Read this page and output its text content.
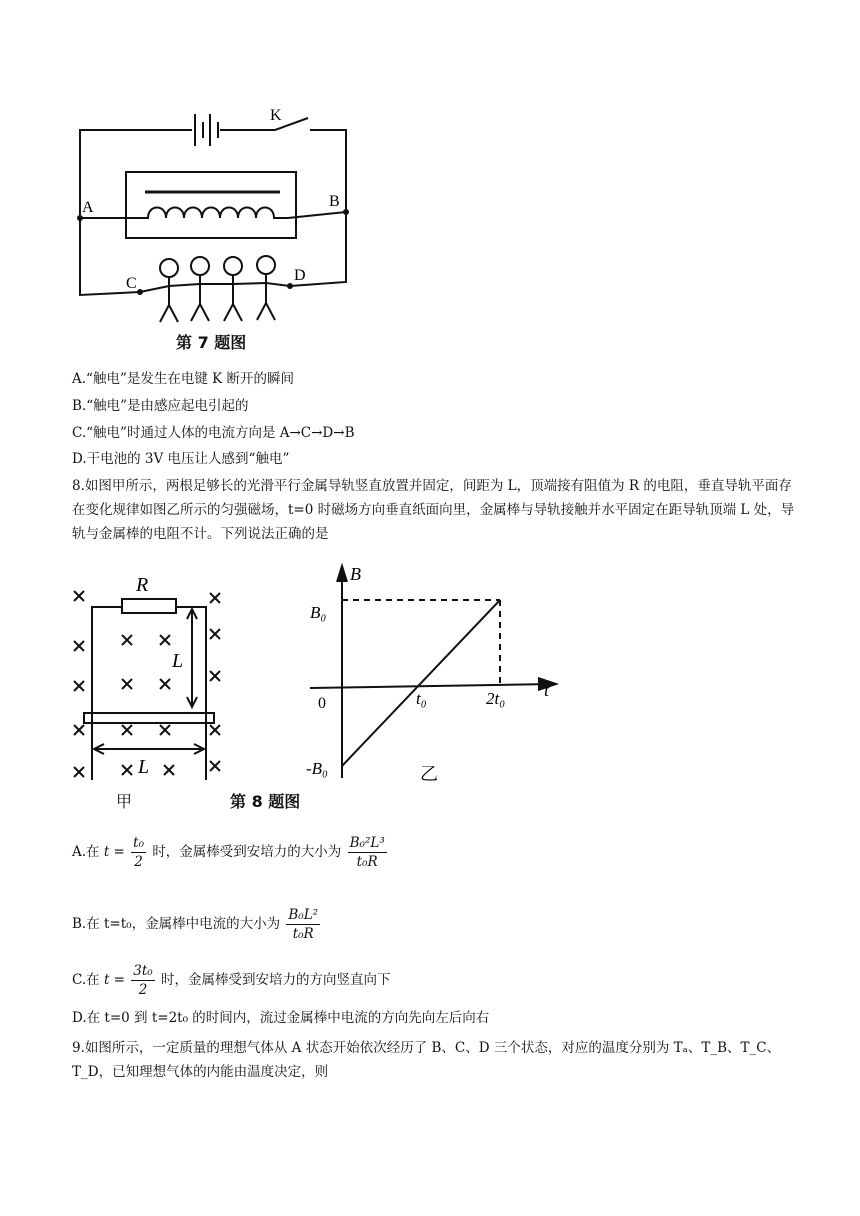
K
A	B
C	D
第 7 题图
A.“触电”是发生在电键 K 断开的瞬间
B.“触电”是由感应起电引起的
C.“触电”时通过人体的电流方向是 A→C→D→B
D.干电池的 3V 电压让人感到“触电”
8.如图甲所示，两根足够长的光滑平行金属导轨竖直放置并固定，间距为 L，顶端接有阻值为 R 的电阻，垂直导轨平面存在变化规律如图乙所示的匀强磁场，t=0 时磁场方向垂直纸面向里，金属棒与导轨接触并水平固定在距导轨顶端 L 处，导轨与金属棒的电阻不计。下列说法正确的是
R
L
L
甲
B
t
0
B₀
-B₀
t₀	2t₀
乙
第 8 题图
A.在 $t = \frac{\text{t₀}}{2}$ 时，金属棒受到安培力的大小为 $\frac{\text{B₀²L³}}{\text{t₀R}}$
B.在 t=t₀，金属棒中电流的大小为 $\frac{\text{B₀L²}}{\text{t₀R}}$
C.在 $t = \frac{\text{3t₀}}{2}$ 时，金属棒受到安培力的方向竖直向下
D.在 t=0 到 t=2t₀ 的时间内，流过金属棒中电流的方向先向左后向右
9.如图所示，一定质量的理想气体从 A 状态开始依次经历了 B、C、D 三个状态，对应的温度分别为 Tₐ、T_B、T_C、T_D，已知理想气体的内能由温度决定，则
